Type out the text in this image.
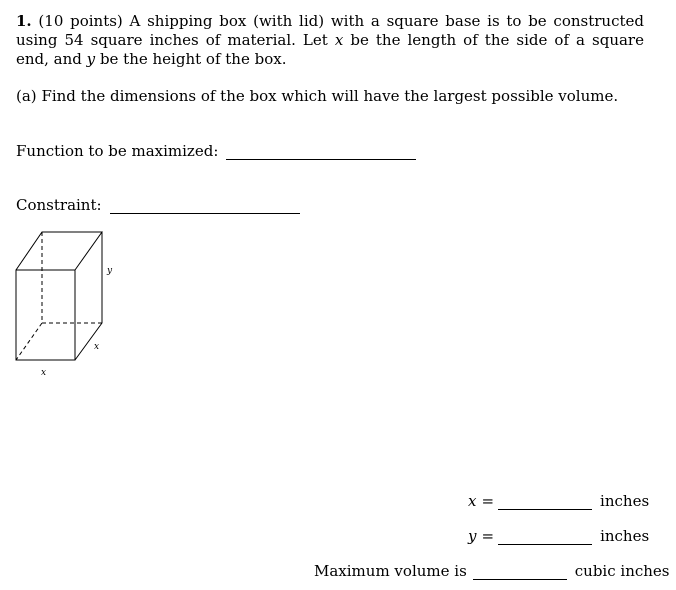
1. (10 points) A shipping box (with lid) with a square base is to be constructed using 54 square inches of material. Let x be the length of the side of a square end, and y be the height of the box.
(a) Find the dimensions of the box which will have the largest possible volume.
Function to be maximized:
Constraint:
y
x
x
x =	inches
y =	inches
Maximum volume is	cubic inches
